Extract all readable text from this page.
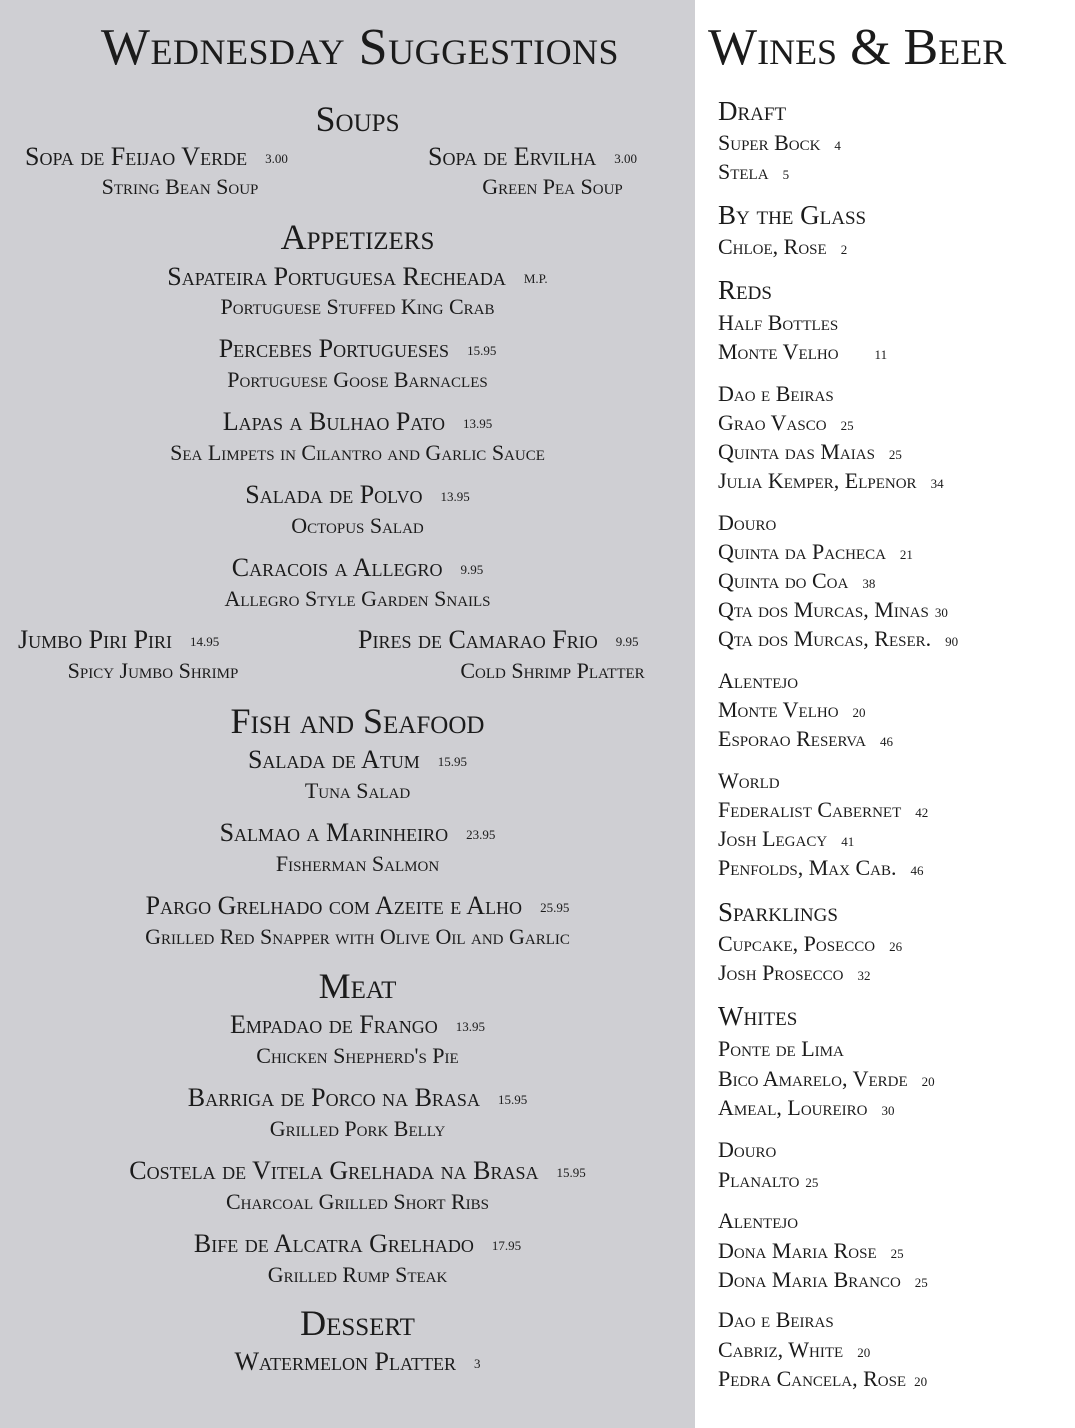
Wednesday Suggestions	Wines & Beer
Soups
Sopa de Feijao Verde 3.00
String Bean Soup
Sopa de Ervilha 3.00
Green Pea Soup
Appetizers
Sapateira Portuguesa Recheada M.P.
Portuguese Stuffed King Crab
Percebes Portugueses 15.95
Portuguese Goose Barnacles
Lapas a Bulhao Pato 13.95
Sea Limpets in Cilantro and Garlic Sauce
Salada de Polvo 13.95
Octopus Salad
Caracois a Allegro 9.95
Allegro Style Garden Snails
Jumbo Piri Piri 14.95
Spicy Jumbo Shrimp
Pires de Camarao Frio 9.95
Cold Shrimp Platter
Fish and Seafood
Salada de Atum 15.95
Tuna Salad
Salmao a Marinheiro 23.95
Fisherman Salmon
Pargo Grelhado com Azeite e Alho 25.95
Grilled Red Snapper with Olive Oil and Garlic
Meat
Empadao de Frango 13.95
Chicken Shepherd's Pie
Barriga de Porco na Brasa 15.95
Grilled Pork Belly
Costela de Vitela Grelhada na Brasa 15.95
Charcoal Grilled Short Ribs
Bife de Alcatra Grelhado 17.95
Grilled Rump Steak
Dessert
Watermelon Platter 3
Draft
Super Bock 4
Stela 5
By the Glass
Chloe, Rose 2
Reds
Half Bottles
Monte Velho	11
Dao e Beiras
Grao Vasco 25
Quinta das Maias 25
Julia Kemper, Elpenor 34
Douro
Quinta da Pacheca 21
Quinta do Coa 38
Qta dos Murcas, Minas 30
Qta dos Murcas, Reser. 90
Alentejo
Monte Velho 20
Esporao Reserva 46
World
Federalist Cabernet 42
Josh Legacy 41
Penfolds, Max Cab. 46
Sparklings
Cupcake, Posecco 26
Josh Prosecco 32
Whites
Ponte de Lima
Bico Amarelo, Verde 20
Ameal, Loureiro 30
Douro
Planalto 25
Alentejo
Dona Maria Rose 25
Dona Maria Branco 25
Dao e Beiras
Cabriz, White 20
Pedra Cancela, Rose 20
